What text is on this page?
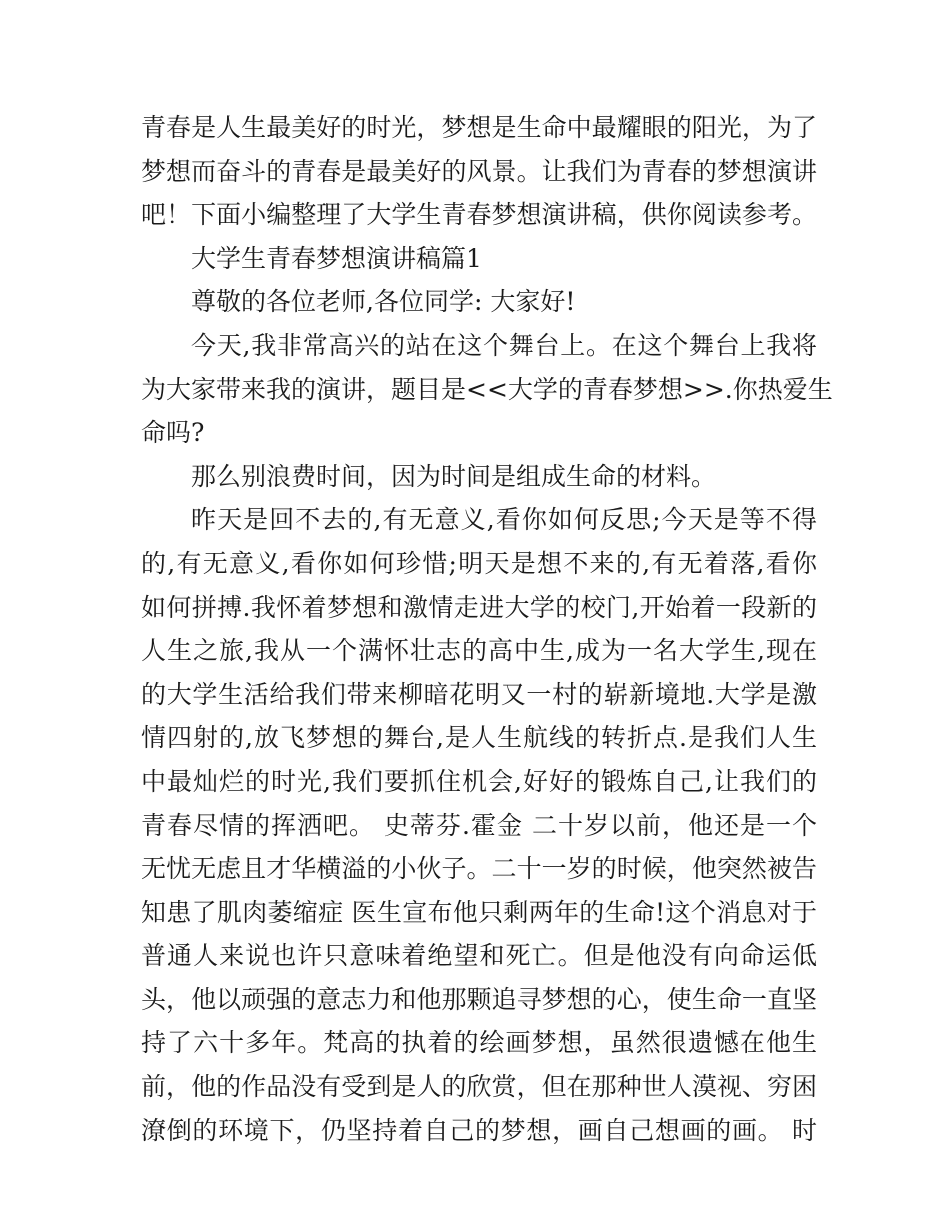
青春是人生最美好的时光，梦想是生命中最耀眼的阳光，为了
梦想而奋斗的青春是最美好的风景。让我们为青春的梦想演讲
吧！下面小编整理了大学生青春梦想演讲稿，供你阅读参考。
大学生青春梦想演讲稿篇1
尊敬的各位老师,各位同学: 大家好!
今天,我非常高兴的站在这个舞台上。在这个舞台上我将
为大家带来我的演讲，题目是<<大学的青春梦想>>.你热爱生
命吗?
那么别浪费时间，因为时间是组成生命的材料。
昨天是回不去的,有无意义,看你如何反思;今天是等不得
的,有无意义,看你如何珍惜;明天是想不来的,有无着落,看你
如何拼搏.我怀着梦想和激情走进大学的校门,开始着一段新的
人生之旅,我从一个满怀壮志的高中生,成为一名大学生,现在
的大学生活给我们带来柳暗花明又一村的崭新境地.大学是激
情四射的,放飞梦想的舞台,是人生航线的转折点.是我们人生
中最灿烂的时光,我们要抓住机会,好好的锻炼自己,让我们的
青春尽情的挥洒吧。 史蒂芬.霍金 二十岁以前，他还是一个
无忧无虑且才华横溢的小伙子。二十一岁的时候，他突然被告
知患了肌肉萎缩症 医生宣布他只剩两年的生命!这个消息对于
普通人来说也许只意味着绝望和死亡。但是他没有向命运低
头，他以顽强的意志力和他那颗追寻梦想的心，使生命一直坚
持了六十多年。梵高的执着的绘画梦想，虽然很遗憾在他生
前，他的作品没有受到是人的欣赏，但在那种世人漠视、穷困
潦倒的环境下，仍坚持着自己的梦想，画自己想画的画。 时
